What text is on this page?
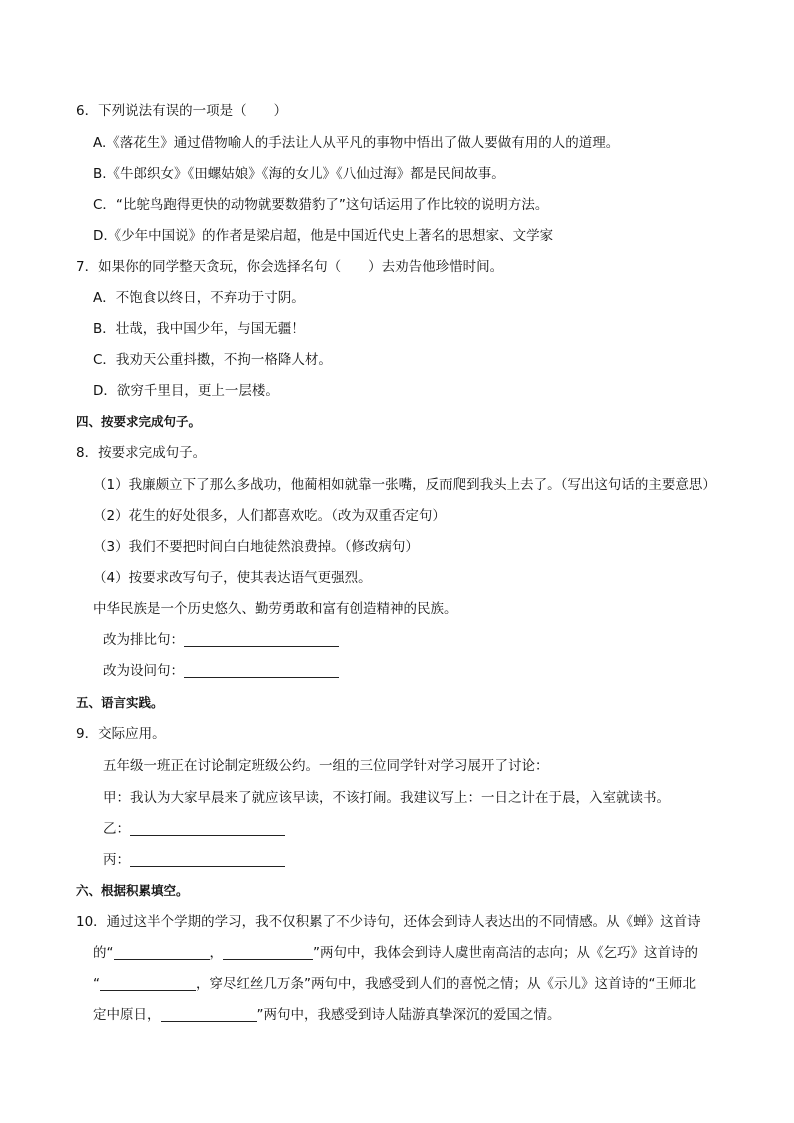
6．下列说法有误的一项是（　　）
A.《落花生》通过借物喻人的手法让人从平凡的事物中悟出了做人要做有用的人的道理。
B.《牛郎织女》《田螺姑娘》《海的女儿》《八仙过海》都是民间故事。
C．“比鸵鸟跑得更快的动物就要数猎豹了”这句话运用了作比较的说明方法。
D.《少年中国说》的作者是梁启超，他是中国近代史上著名的思想家、文学家
7．如果你的同学整天贪玩，你会选择名句（　　）去劝告他珍惜时间。
A．不饱食以终日，不弃功于寸阴。
B．壮哉，我中国少年，与国无疆！
C．我劝天公重抖擞，不拘一格降人材。
D．欲穷千里目，更上一层楼。
四、按要求完成句子。
8．按要求完成句子。
（1）我廉颇立下了那么多战功，他蔺相如就靠一张嘴，反而爬到我头上去了。（写出这句话的主要意思）
（2）花生的好处很多，人们都喜欢吃。（改为双重否定句）
（3）我们不要把时间白白地徒然浪费掉。（修改病句）
（4）按要求改写句子，使其表达语气更强烈。
中华民族是一个历史悠久、勤劳勇敢和富有创造精神的民族。
改为排比句：
改为设问句：
五、语言实践。
9．交际应用。
五年级一班正在讨论制定班级公约。一组的三位同学针对学习展开了讨论：
甲：我认为大家早晨来了就应该早读，不该打闹。我建议写上：一日之计在于晨，入室就读书。
乙：
丙：
六、根据积累填空。
10．通过这半个学期的学习，我不仅积累了不少诗句，还体会到诗人表达出的不同情感。从《蝉》这首诗
的“	，	”两句中，我体会到诗人虞世南高洁的志向；从《乞巧》这首诗的
“	，穿尽红丝几万条”两句中，我感受到人们的喜悦之情；从《示儿》这首诗的“王师北
定中原日，	”两句中，我感受到诗人陆游真挚深沉的爱国之情。
